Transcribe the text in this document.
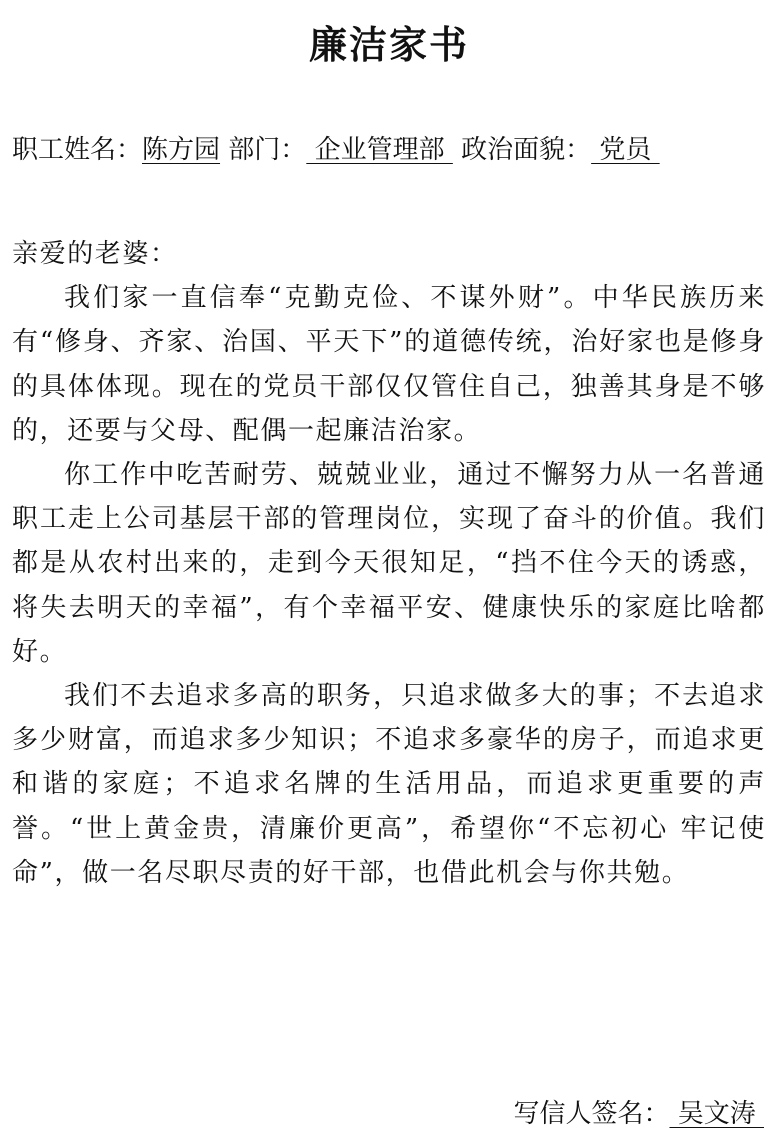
廉洁家书
职工姓名：陈方园 部门： 企业管理部  政治面貌： 党员

亲爱的老婆：

我们家一直信奉“克勤克俭、不谋外财”。中华民族历来有“修身、齐家、治国、平天下”的道德传统，治好家也是修身的具体体现。现在的党员干部仅仅管住自己，独善其身是不够的，还要与父母、配偶一起廉洁治家。

你工作中吃苦耐劳、兢兢业业，通过不懈努力从一名普通职工走上公司基层干部的管理岗位，实现了奋斗的价值。我们都是从农村出来的，走到今天很知足，“挡不住今天的诱惑，将失去明天的幸福”，有个幸福平安、健康快乐的家庭比啥都好。

我们不去追求多高的职务，只追求做多大的事；不去追求多少财富，而追求多少知识；不追求多豪华的房子，而追求更和谐的家庭；不追求名牌的生活用品，而追求更重要的声誉。“世上黄金贵，清廉价更高”，希望你“不忘初心 牢记使命”，做一名尽职尽责的好干部，也借此机会与你共勉。

写信人签名： 吴文涛
